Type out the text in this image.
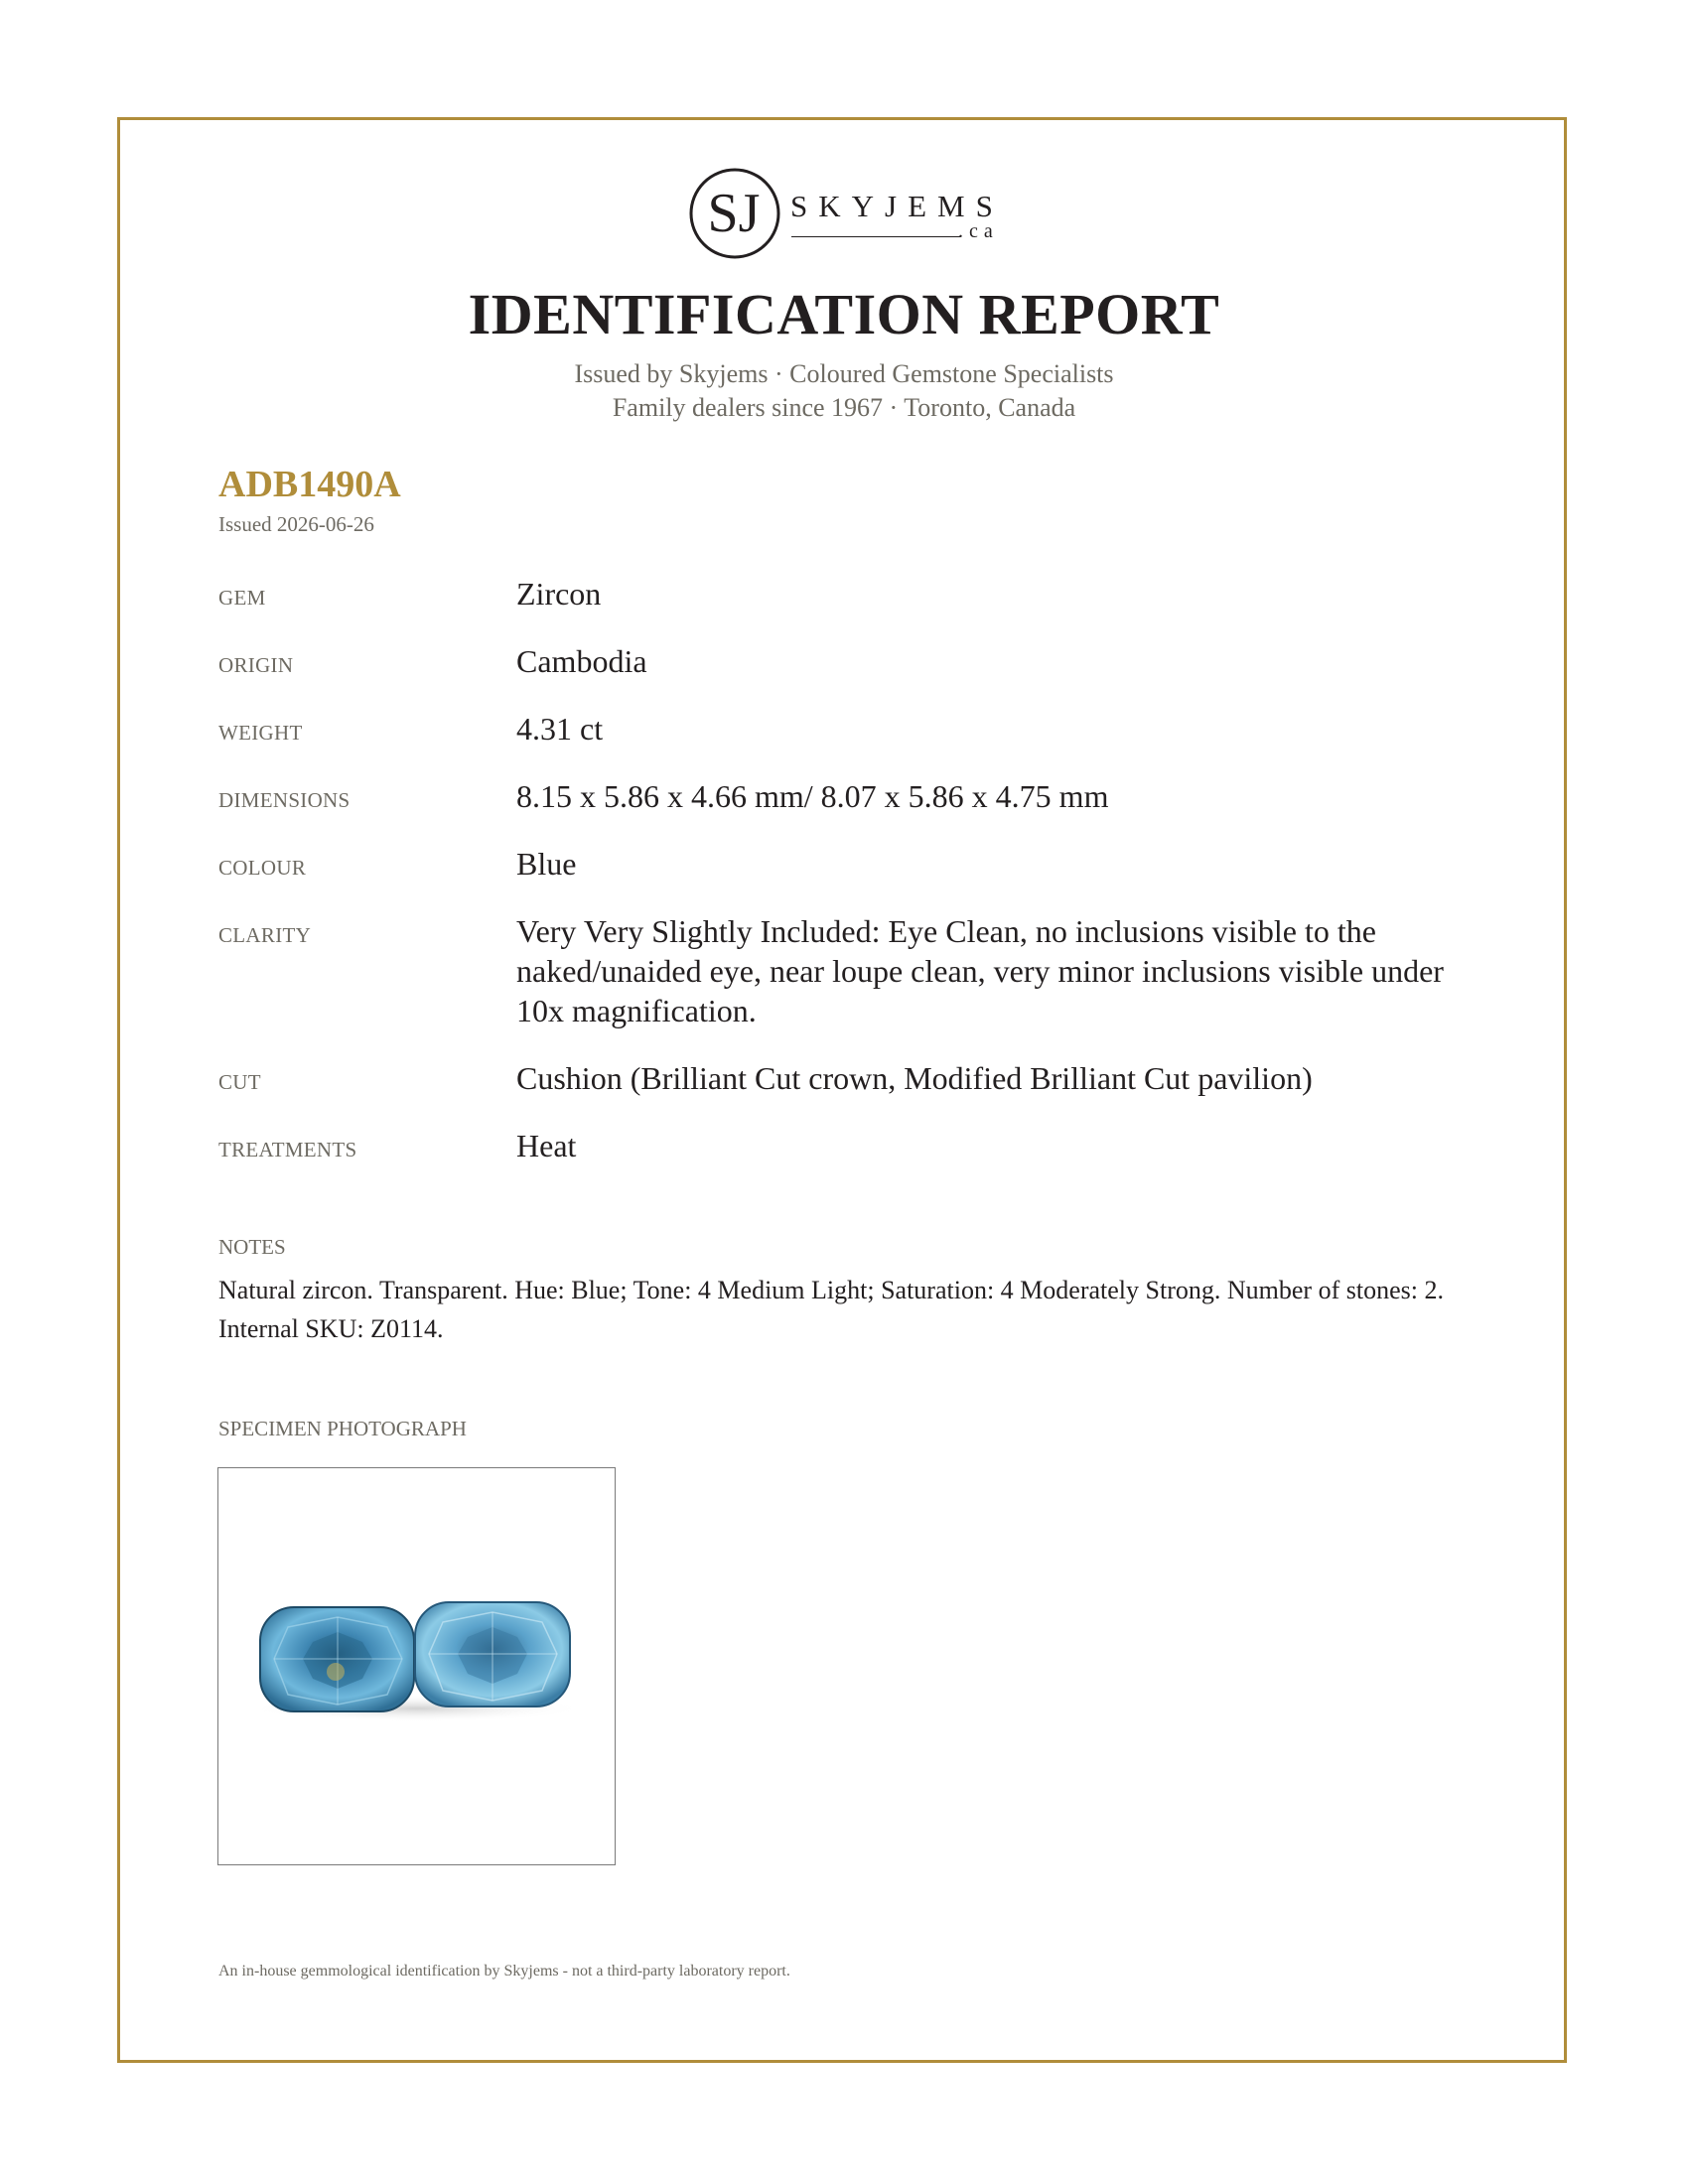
SJ SKYJEMS
.ca
IDENTIFICATION REPORT
Issued by Skyjems · Coloured Gemstone Specialists
Family dealers since 1967 · Toronto, Canada
ADB1490A
Issued 2026-06-26
GEM	Zircon
ORIGIN	Cambodia
WEIGHT	4.31 ct
DIMENSIONS	8.15 x 5.86 x 4.66 mm/ 8.07 x 5.86 x 4.75 mm
COLOUR	Blue
CLARITY	Very Very Slightly Included: Eye Clean, no inclusions visible to the naked/unaided eye, near loupe clean, very minor inclusions visible under 10x magnification.
CUT	Cushion (Brilliant Cut crown, Modified Brilliant Cut pavilion)
TREATMENTS	Heat
NOTES
Natural zircon. Transparent. Hue: Blue; Tone: 4 Medium Light; Saturation: 4 Moderately Strong. Number of stones: 2. Internal SKU: Z0114.
SPECIMEN PHOTOGRAPH
An in-house gemmological identification by Skyjems - not a third-party laboratory report.
